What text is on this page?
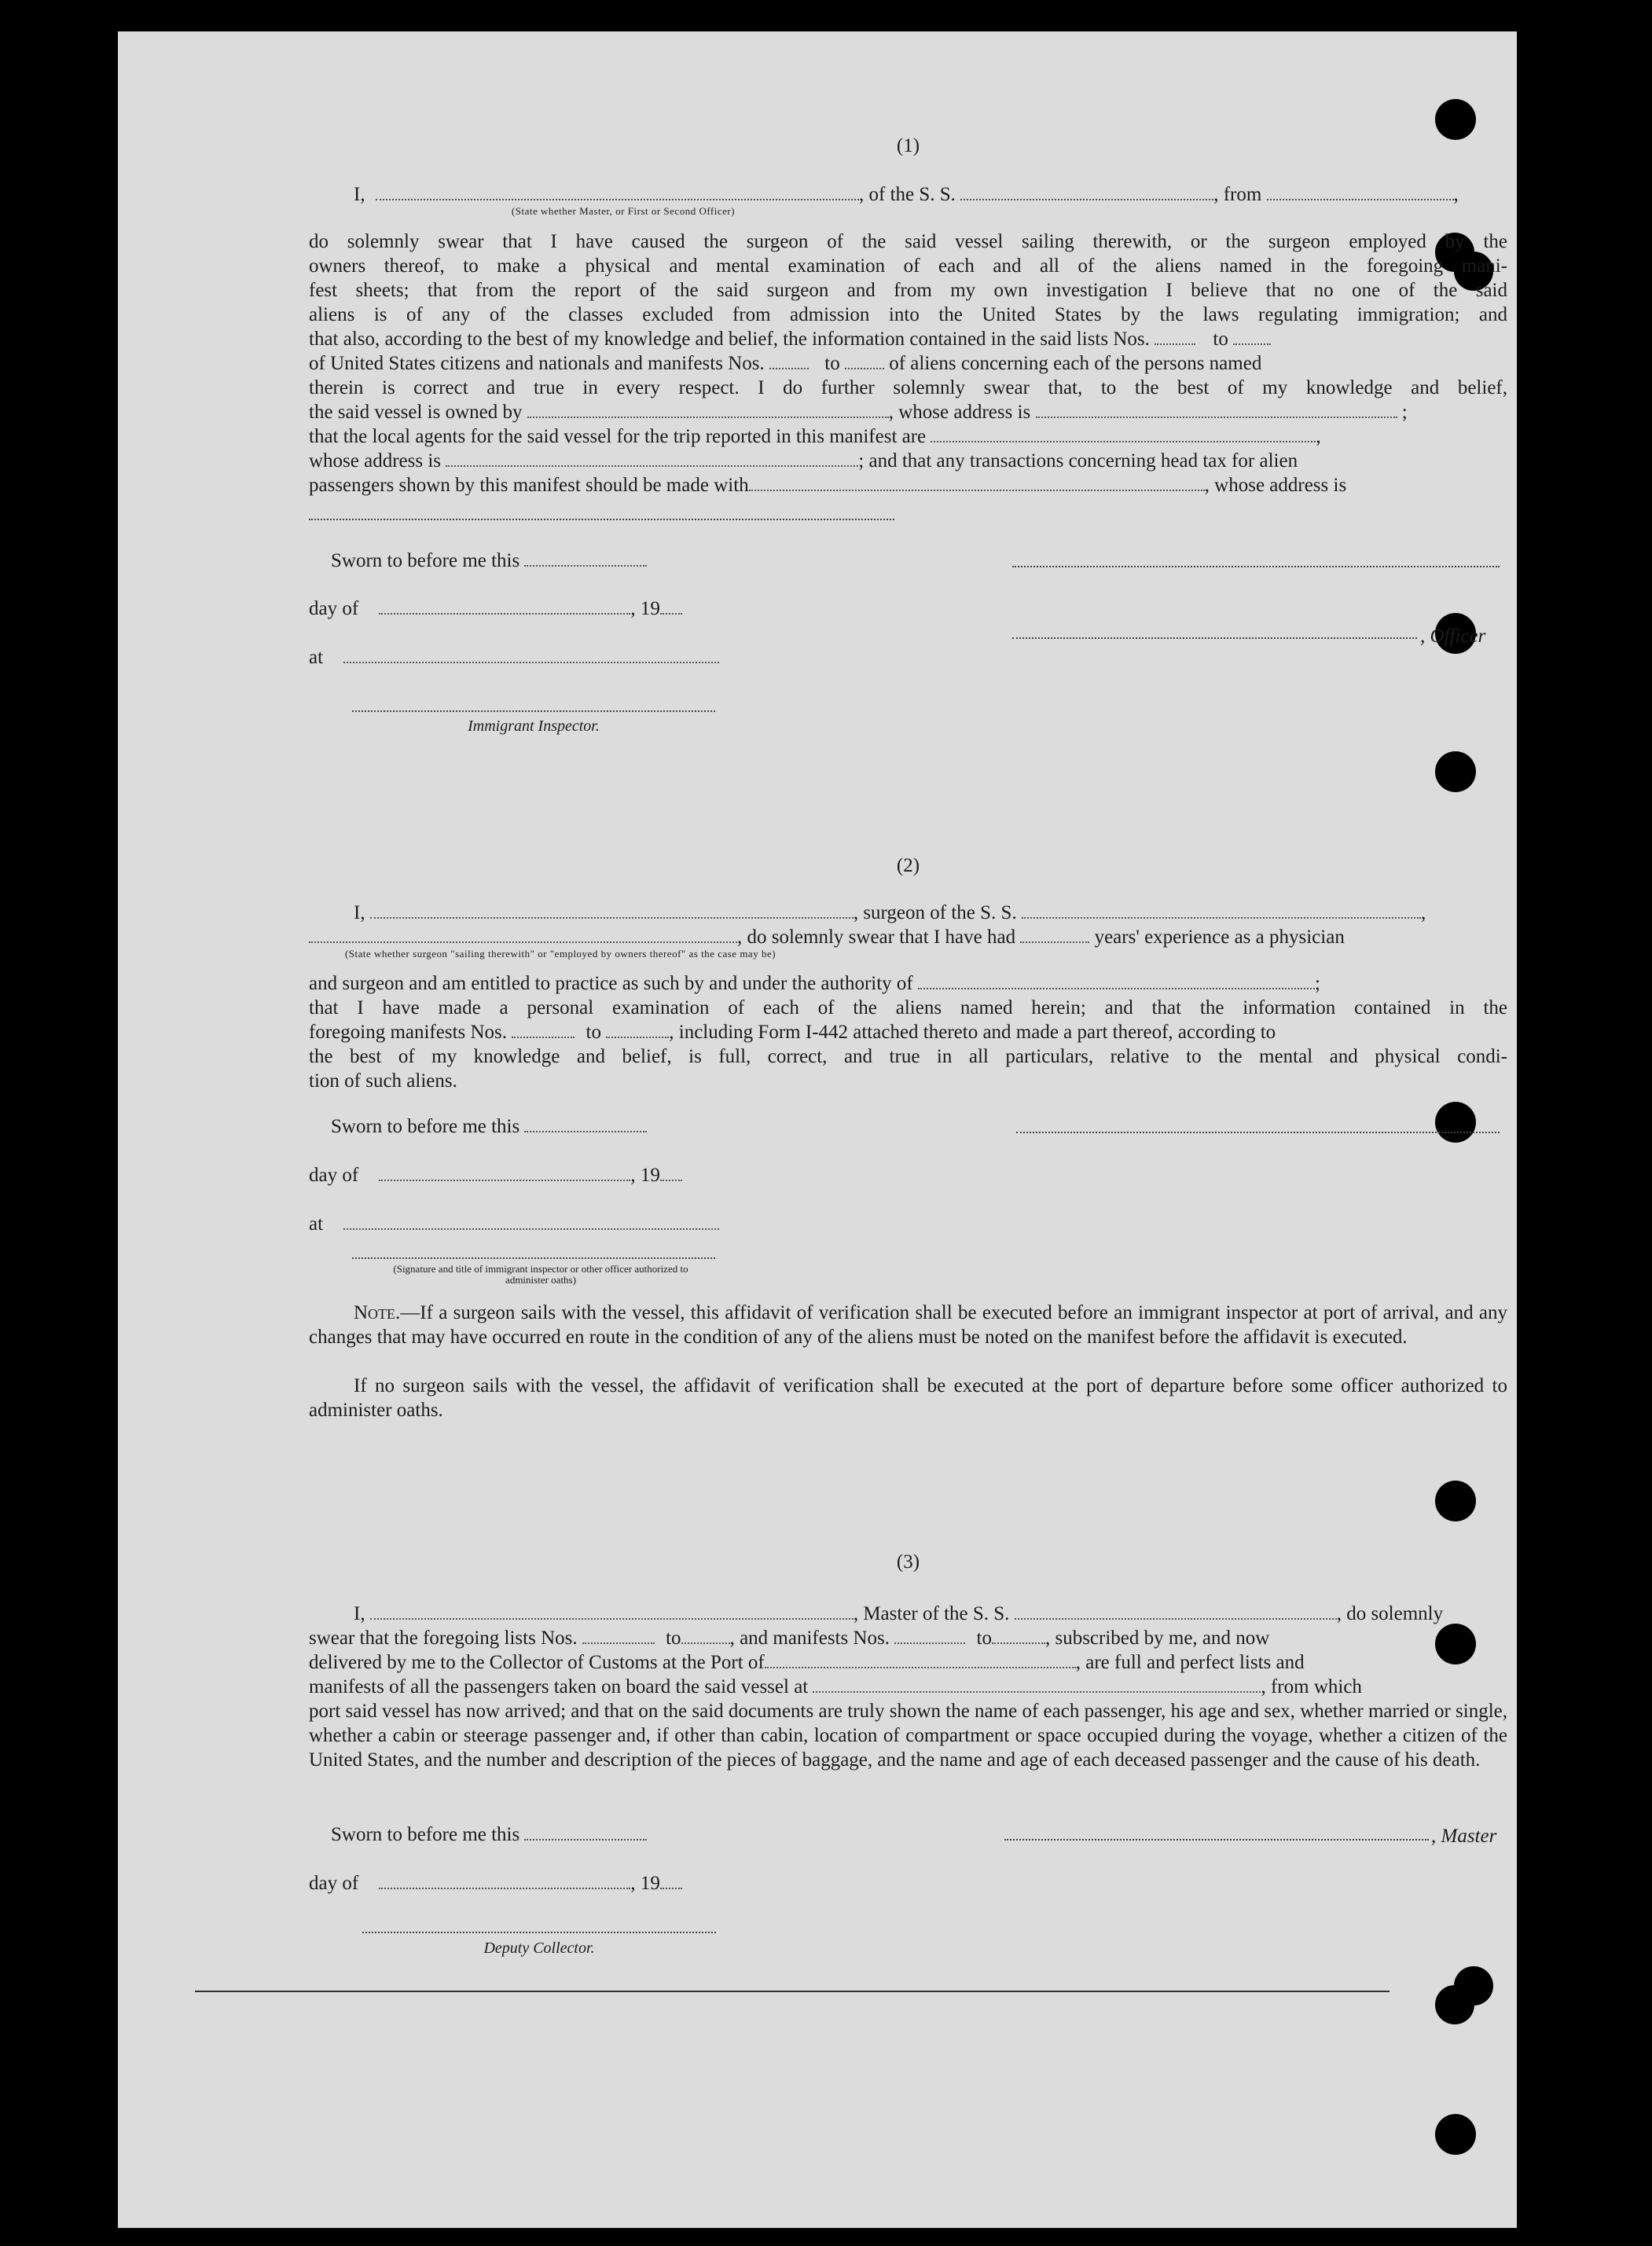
(1)
I,	, of the S. S.	, from	,
(State whether Master, or First or Second Officer)
do solemnly swear that I have caused the surgeon of the said vessel sailing therewith, or the surgeon employed by the
owners thereof, to make a physical and mental examination of each and all of the aliens named in the foregoing mani-
fest sheets; that from the report of the said surgeon and from my own investigation I believe that no one of the said
aliens is of any of the classes excluded from admission into the United States by the laws regulating immigration; and
that also, according to the best of my knowledge and belief, the information contained in the said lists Nos.	to
of United States citizens and nationals and manifests Nos.	to	of aliens concerning each of the persons named
therein is correct and true in every respect. I do further solemnly swear that, to the best of my knowledge and belief,
the said vessel is owned by	, whose address is	;
that the local agents for the said vessel for the trip reported in this manifest are	,
whose address is	; and that any transactions concerning head tax for alien
passengers shown by this manifest should be made with	, whose address is
Sworn to before me this
day of	, 19
, Officer
at
Immigrant Inspector.
(2)
I,	, surgeon of the S. S.	,
, do solemnly swear that I have had	years' experience as a physician
(State whether surgeon "sailing therewith" or "employed by owners thereof" as the case may be)
and surgeon and am entitled to practice as such by and under the authority of	;
that I have made a personal examination of each of the aliens named herein; and that the information contained in the
foregoing manifests Nos.	to	, including Form I-442 attached thereto and made a part thereof, according to
the best of my knowledge and belief, is full, correct, and true in all particulars, relative to the mental and physical condi-
tion of such aliens.
Sworn to before me this
day of	, 19
at
(Signature and title of immigrant inspector or other officer authorized to administer oaths)
Note.—If a surgeon sails with the vessel, this affidavit of verification shall be executed before an immigrant inspector at port of arrival, and any changes that may have occurred en route in the condition of any of the aliens must be noted on the manifest before the affidavit is executed.
If no surgeon sails with the vessel, the affidavit of verification shall be executed at the port of departure before some officer authorized to administer oaths.
(3)
I,	, Master of the S. S.	, do solemnly
swear that the foregoing lists Nos.	to , and manifests Nos.	to	, subscribed by me, and now
delivered by me to the Collector of Customs at the Port of	, are full and perfect lists and
manifests of all the passengers taken on board the said vessel at	, from which
port said vessel has now arrived; and that on the said documents are truly shown the name of each passenger, his age and sex, whether married or single, whether a cabin or steerage passenger and, if other than cabin, location of compartment or space occupied during the voyage, whether a citizen of the United States, and the number and description of the pieces of baggage, and the name and age of each deceased passenger and the cause of his death.
Sworn to before me this	, Master
day of	, 19
Deputy Collector.
